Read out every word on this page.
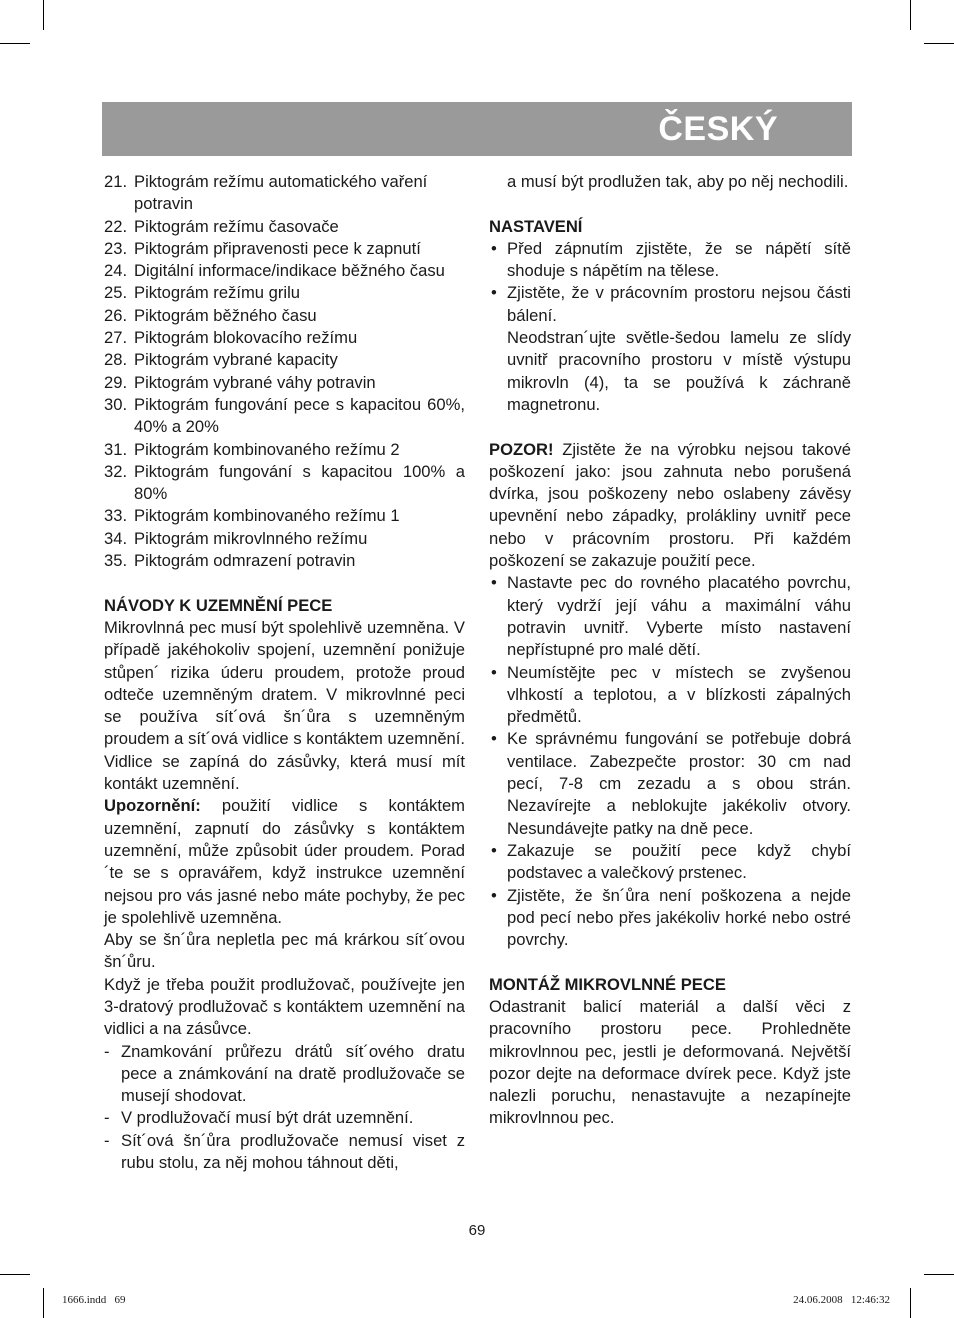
ČESKÝ
21. Piktográm režímu automatického vaření potravin
22. Piktográm režímu časovače
23. Piktográm připravenosti pece k zapnutí
24. Digitální informace/indikace běžného času
25. Piktográm režímu grilu
26. Piktográm běžného času
27. Piktográm blokovacího režímu
28. Piktográm vybrané kapacity
29. Piktográm vybrané váhy potravin
30. Piktográm fungování pece s kapacitou 60%, 40% a 20%
31. Piktográm kombinovaného režímu 2
32. Piktográm fungování s kapacitou 100% a 80%
33. Piktográm kombinovaného režímu 1
34. Piktográm mikrovlnného režímu
35. Piktográm odmrazení potravin
NÁVODY K UZEMNĚNÍ PECE
Mikrovlnná pec musí být spolehlivě uzemněna. V případě jakéhokoliv spojení, uzemnění ponižuje stůpen´ rizika úderu proudem, protože proud odteče uzemněným dratem. V mikrovlnné peci se používa sít´ová šn´ůra s uzemněným proudem a sít´ová vidlice s kontáktem uzemnění. Vidlice se zapíná do zásůvky, která musí mít kontákt uzemnění.
Upozornění: použití vidlice s kontáktem uzemnění, zapnutí do zásůvky s kontáktem uzemnění, může způsobit úder proudem. Porad´te se s opravářem, když instrukce uzemnění nejsou pro vás jasné nebo máte pochyby, že pec je spolehlivě uzemněna.
Aby se šn´ůra nepletla pec má krárkou sít´ovou šn´ůru.
Když je třeba použit prodlužovač, používejte jen 3-dratový prodlužovač s kontáktem uzemnění na vidlici a na zásůvce.
- Znamkování průřezu drátů sít´ového dratu pece a známkování na dratě prodlužovače se musejí shodovat.
- V prodlužovačí musí být drát uzemnění.
- Sít´ová šn´ůra prodlužovače nemusí viset z rubu stolu, za něj mohou táhnout děti,
a musí být prodlužen tak, aby po něj nechodili.
NASTAVENÍ
• Před zápnutím zjistěte, že se nápětí sítě shoduje s nápětím na tělese.
• Zjistěte, že v prácovním prostoru nejsou části bálení.
Neodstran´ujte světle-šedou lamelu ze slídy uvnitř pracovního prostoru v místě výstupu mikrovln (4), ta se používá k záchraně magnetronu.
POZOR! Zjistěte že na výrobku nejsou takové poškození jako: jsou zahnuta nebo porušená dvírka, jsou poškozeny nebo oslabeny závěsy upevnění nebo západky, prolákliny uvnitř pece nebo v prácovním prostoru. Při každém poškození se zakazuje použití pece.
• Nastavte pec do rovného placatého povrchu, který vydrží její váhu a maximální váhu potravin uvnitř. Vyberte místo nastavení nepřístupné pro malé dětí.
• Neumístějte pec v místech se zvyšenou vlhkostí a teplotou, a v blízkosti zápalných předmětů.
• Ke správnému fungování se potřebuje dobrá ventilace. Zabezpečte prostor: 30 cm nad pecí, 7-8 cm zezadu a s obou strán. Nezavírejte a neblokujte jakékoliv otvory. Nesundávejte patky na dně pece.
• Zakazuje se použití pece když chybí podstavec a valečkový prstenec.
• Zjistěte, že šn´ůra není poškozena a nejde pod pecí nebo přes jakékoliv horké nebo ostré povrchy.
MONTÁŽ MIKROVLNNÉ PECE
Odastranit balicí materiál a další věci z pracovního prostoru pece. Prohledněte mikrovlnnou pec, jestli je deformovaná. Největší pozor dejte na deformace dvírek pece. Když jste nalezli poruchu, nenastavujte a nezapínejte mikrovlnnou pec.
69
1666.indd   69	24.06.2008   12:46:32
